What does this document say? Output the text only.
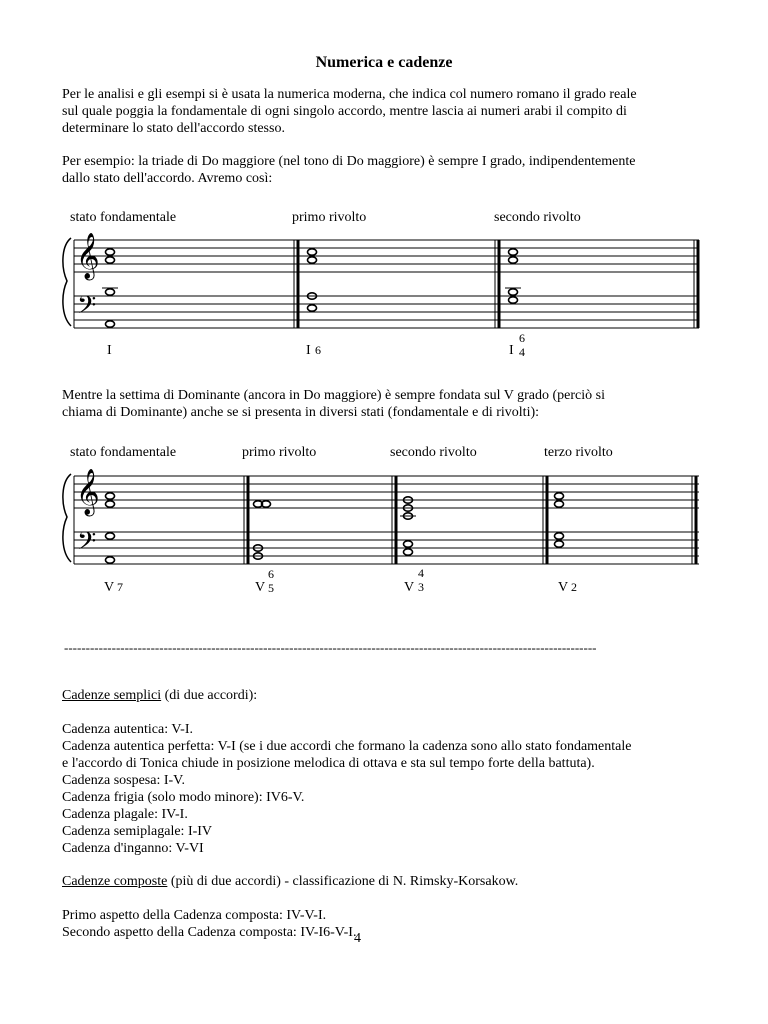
Numerica e cadenze
Per le analisi e gli esempi si è usata la numerica moderna, che indica col numero romano il grado reale
sul quale poggia la fondamentale di ogni singolo accordo, mentre lascia ai numeri arabi il compito di
determinare lo stato dell'accordo stesso.
Per esempio: la triade di Do maggiore (nel tono di Do maggiore) è sempre I grado, indipendentemente
dallo stato dell'accordo. Avremo così:
stato fondamentale	primo rivolto	secondo rivolto
𝄞
𝄢
I	I 6	I
6
4
Mentre la settima di Dominante (ancora in Do maggiore) è sempre fondata sul V grado (perciò si
chiama di Dominante) anche se si presenta in diversi stati (fondamentale e di rivolti):
stato fondamentale	primo rivolto	secondo rivolto	terzo rivolto
𝄞
𝄢
V 7	V
6
5	V
4
3	V 2
---------------------------------------------------------------------------------------------------------------------------
Cadenze semplici (di due accordi):
Cadenza autentica: V-I.
Cadenza autentica perfetta: V-I (se i due accordi che formano la cadenza sono allo stato fondamentale
e l'accordo di Tonica chiude in posizione melodica di ottava e sta sul tempo forte della battuta).
Cadenza sospesa: I-V.
Cadenza frigia (solo modo minore): IV6-V.
Cadenza plagale: IV-I.
Cadenza semiplagale: I-IV
Cadenza d'inganno: V-VI
Cadenze composte (più di due accordi) - classificazione di N. Rimsky-Korsakow.
Primo aspetto della Cadenza composta: IV-V-I.
Secondo aspetto della Cadenza composta: IV-I6-V-I.
4
